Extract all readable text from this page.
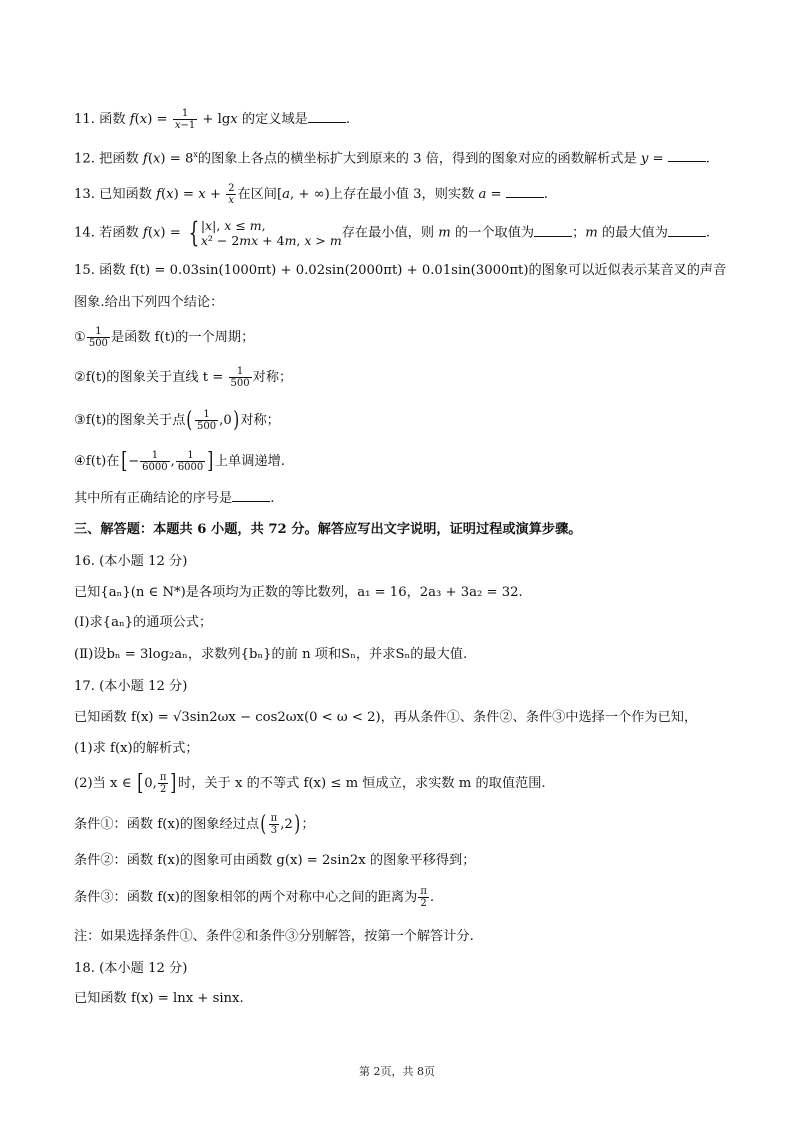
11. 函数 $f(x) = \frac{1}{x-1} + \lg x$ 的定义域是	.
12. 把函数 $f(x) = 8^x$的图象上各点的横坐标扩大到原来的 3 倍，得到的图象对应的函数解析式是 y =	.
13. 已知函数 $f(x) = x + \frac{2}{x}$ 在区间[a, + ∞)上存在最小值 3，则实数 a =	.
14. 若函数 f(x) = { |x|, x ≤ m,
x² − 2mx + 4m, x > m 存在最小值，则 m 的一个取值为	；m 的最大值为	.
15. 函数 f(t) = 0.03sin(1000πt) + 0.02sin(2000πt) + 0.01sin(3000πt)的图象可以近似表示某音叉的声音
图象.给出下列四个结论：
① $\frac{1}{500}$ 是函数 f(t)的一个周期；
②f(t)的图象关于直线 $t = \frac{1}{500}$ 对称；
③f(t)的图象关于点( $\frac{1}{500} ,0$)对称；
④f(t)在[− $\frac{1}{6000}$ , $\frac{1}{6000}$ ]上单调递增.
其中所有正确结论的序号是	.
三、解答题：本题共 6 小题，共 72 分。解答应写出文字说明，证明过程或演算步骤。
16. (本小题 12 分)
已知{aₙ}(n ∈ N*)是各项均为正数的等比数列，a₁ = 16，2a₃ + 3a₂ = 32.
(Ⅰ)求{aₙ}的通项公式；
(Ⅱ)设bₙ = 3log₂aₙ，求数列{bₙ}的前 n 项和Sₙ，并求Sₙ的最大值.
17. (本小题 12 分)
已知函数 f(x) = √3sin2ωx − cos2ωx(0 < ω < 2)，再从条件①、条件②、条件③中选择一个作为已知，
(1)求 f(x)的解析式；
(2)当 x ∈ [0, $\frac{\pi}{2}$ ]时，关于 x 的不等式 f(x) ≤ m 恒成立，求实数 m 的取值范围.
条件①：函数 f(x)的图象经过点( $\frac{\pi}{3} ,2$)；
条件②：函数 f(x)的图象可由函数 g(x) = 2sin2x 的图象平移得到；
条件③：函数 f(x)的图象相邻的两个对称中心之间的距离为 $\frac{\pi}{2}$ .
注：如果选择条件①、条件②和条件③分别解答，按第一个解答计分.
18. (本小题 12 分)
已知函数 f(x) = lnx + sinx.
第 2页，共 8页
